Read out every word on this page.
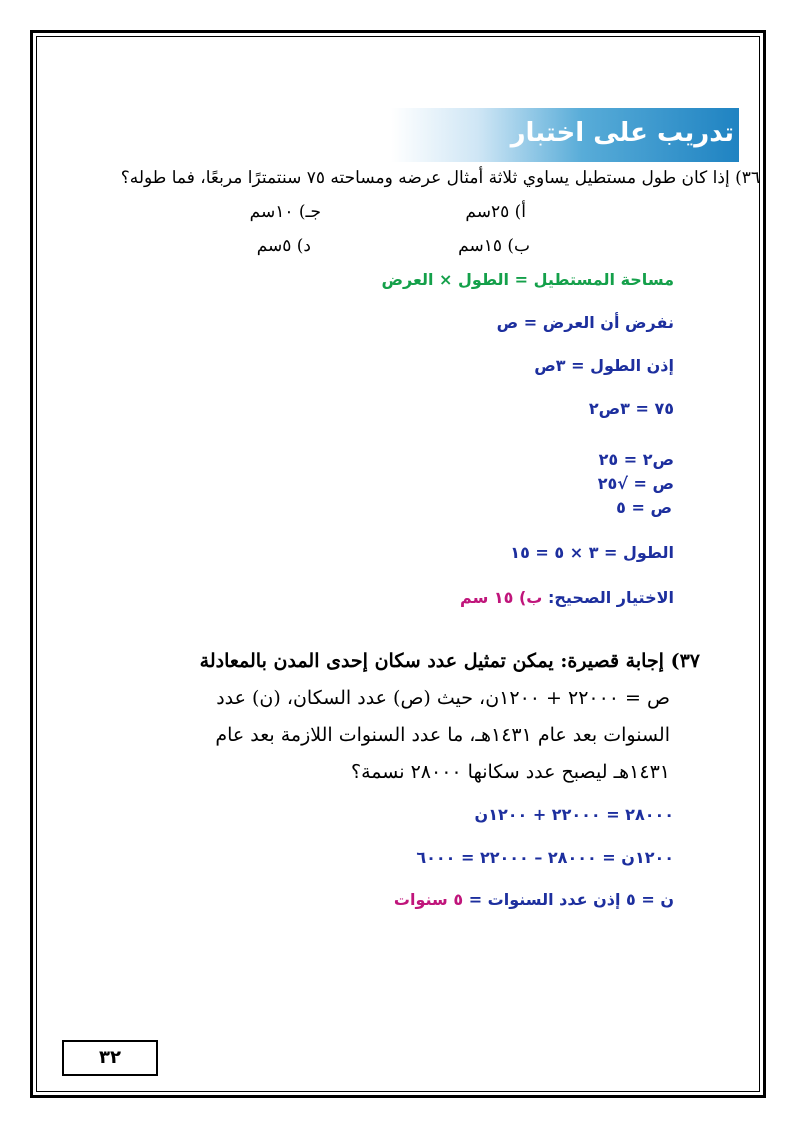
تدريب على اختبار
٣٦) إذا كان طول مستطيل يساوي ثلاثة أمثال عرضه ومساحته ٧٥ سنتمترًا مربعًا، فما طوله؟
أ) ٢٥سم
جـ) ١٠سم
ب) ١٥سم
د) ٥سم
مساحة المستطيل = الطول × العرض
نفرض أن العرض = ص
إذن الطول = ٣ص
٧٥ = ٣ص٢
ص٢ = ٢٥
ص = √٢٥
ص = ٥
الطول = ٣ × ٥ = ١٥
الاختيار الصحيح: ب) ١٥ سم
٣٧) إجابة قصيرة: يمكن تمثيل عدد سكان إحدى المدن بالمعادلة
ص = ٢٢٠٠٠ + ١٢٠٠ن، حيث (ص) عدد السكان، (ن) عدد
السنوات بعد عام ١٤٣١هـ، ما عدد السنوات اللازمة بعد عام
١٤٣١هـ ليصبح عدد سكانها ٢٨٠٠٠ نسمة؟
٢٨٠٠٠ = ٢٢٠٠٠ + ١٢٠٠ن
١٢٠٠ن = ٢٨٠٠٠ – ٢٢٠٠٠ = ٦٠٠٠
ن = ٥ إذن عدد السنوات = ٥ سنوات
٣٢
